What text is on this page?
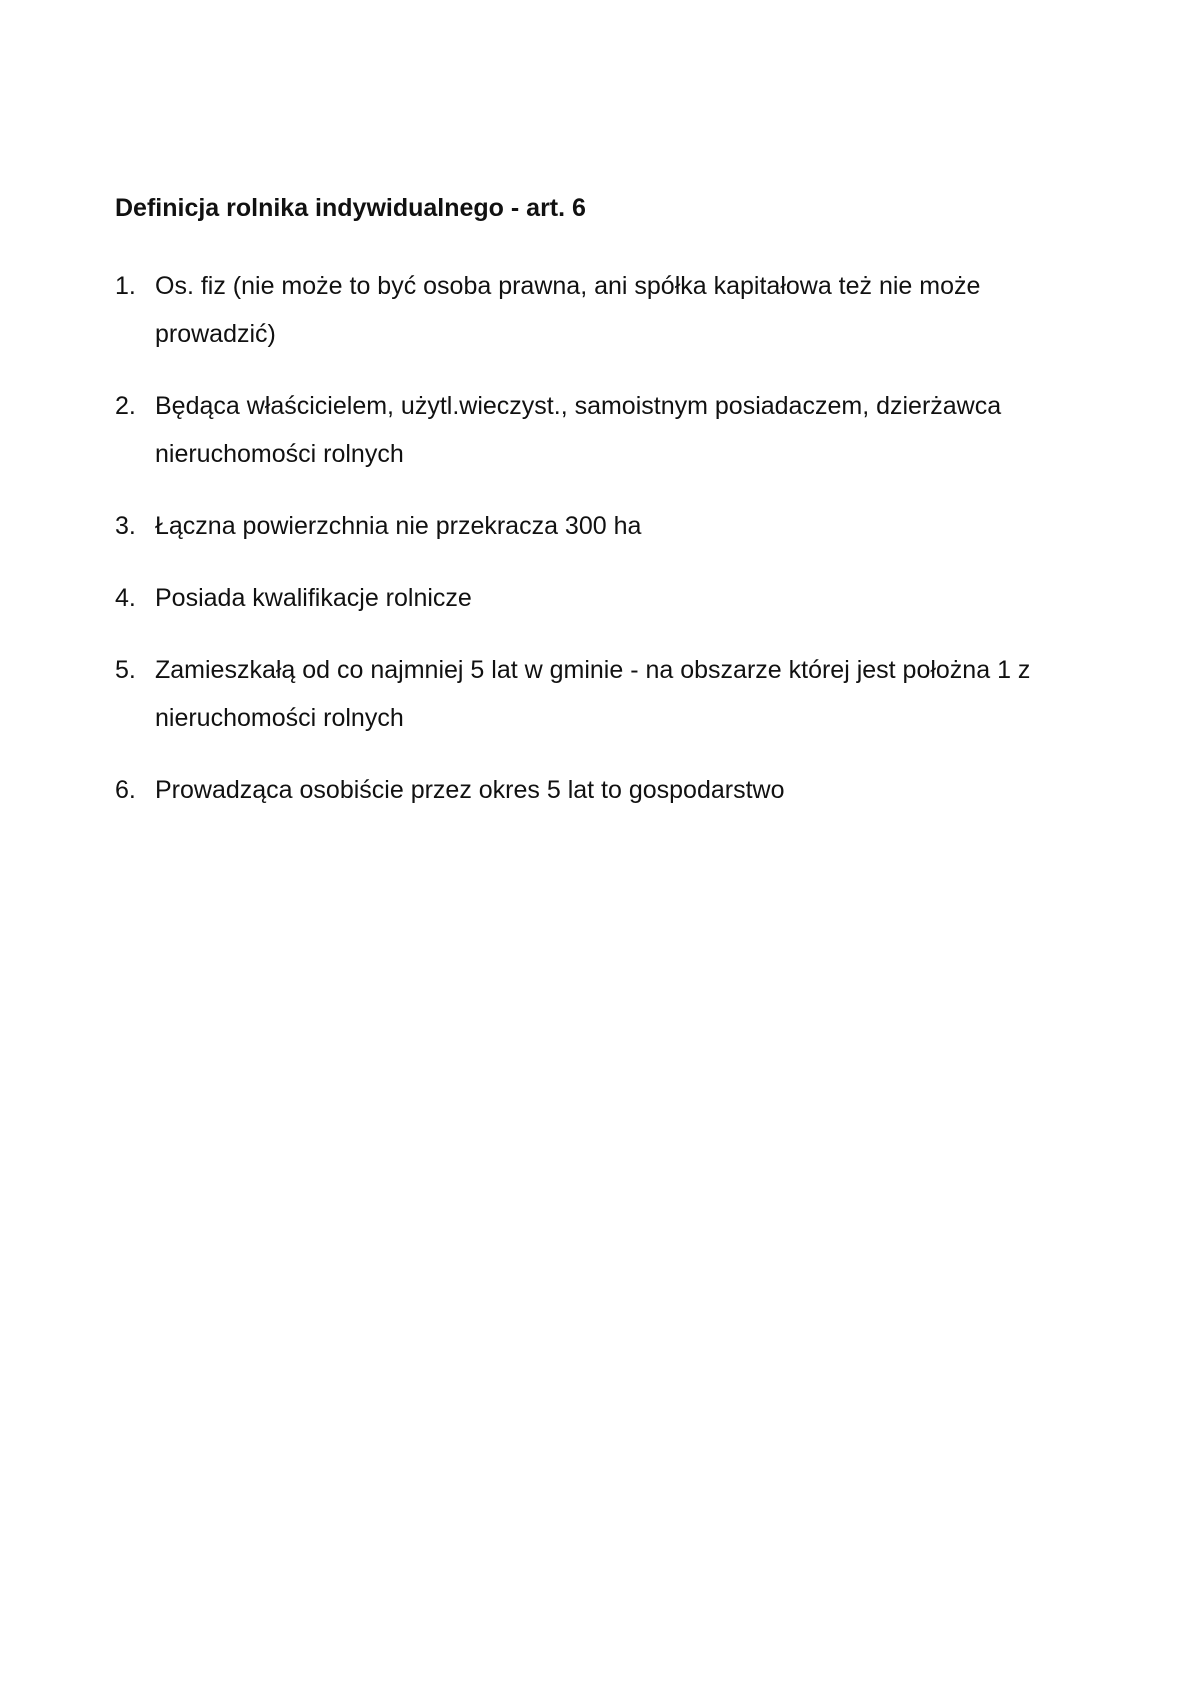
Definicja rolnika indywidualnego - art. 6
1. Os. fiz (nie może to być osoba prawna, ani spółka kapitałowa też nie może prowadzić)
2. Będąca właścicielem, użytl.wieczyst., samoistnym posiadaczem, dzierżawca nieruchomości rolnych
3. Łączna powierzchnia nie przekracza 300 ha
4. Posiada kwalifikacje rolnicze
5. Zamieszkałą od co najmniej 5 lat w gminie - na obszarze której jest położna 1 z nieruchomości rolnych
6. Prowadząca osobiście przez okres 5 lat to gospodarstwo
